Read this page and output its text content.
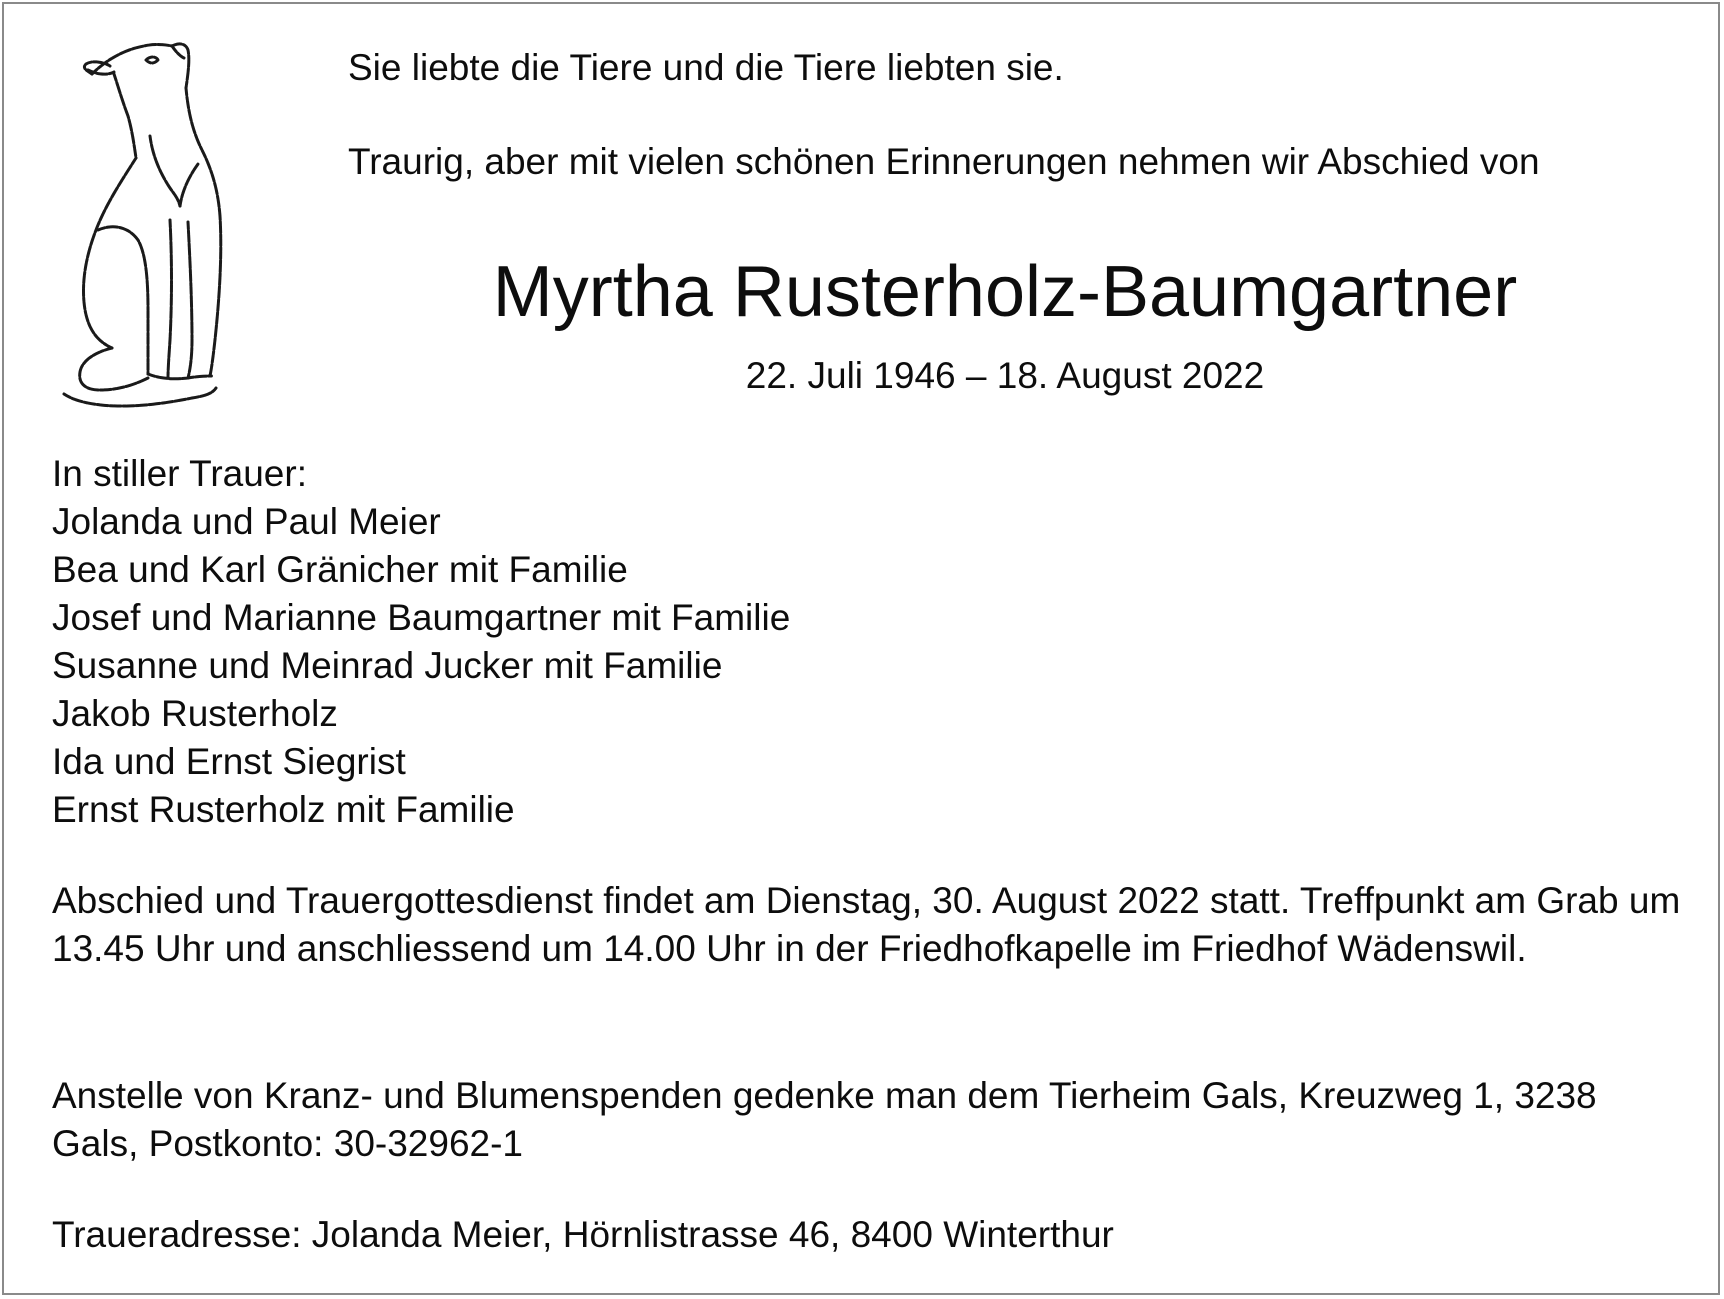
Sie liebte die Tiere und die Tiere liebten sie.
Traurig, aber mit vielen schönen Erinnerungen nehmen wir Abschied von
Myrtha Rusterholz-Baumgartner
22. Juli 1946 – 18. August 2022
In stiller Trauer:
Jolanda und Paul Meier
Bea und Karl Gränicher mit Familie
Josef und Marianne Baumgartner mit Familie
Susanne und Meinrad Jucker mit Familie
Jakob Rusterholz
Ida und Ernst Siegrist
Ernst Rusterholz mit Familie

Abschied und Trauergottesdienst findet am Dienstag, 30. August 2022 statt. Treffpunkt am Grab um 13.45 Uhr und anschliessend um 14.00 Uhr in der Friedhofkapelle im Friedhof Wädenswil.

Anstelle von Kranz- und Blumenspenden gedenke man dem Tierheim Gals, Kreuzweg 1, 3238 Gals, Postkonto: 30-32962-1

Traueradresse: Jolanda Meier, Hörnlistrasse 46, 8400 Winterthur
